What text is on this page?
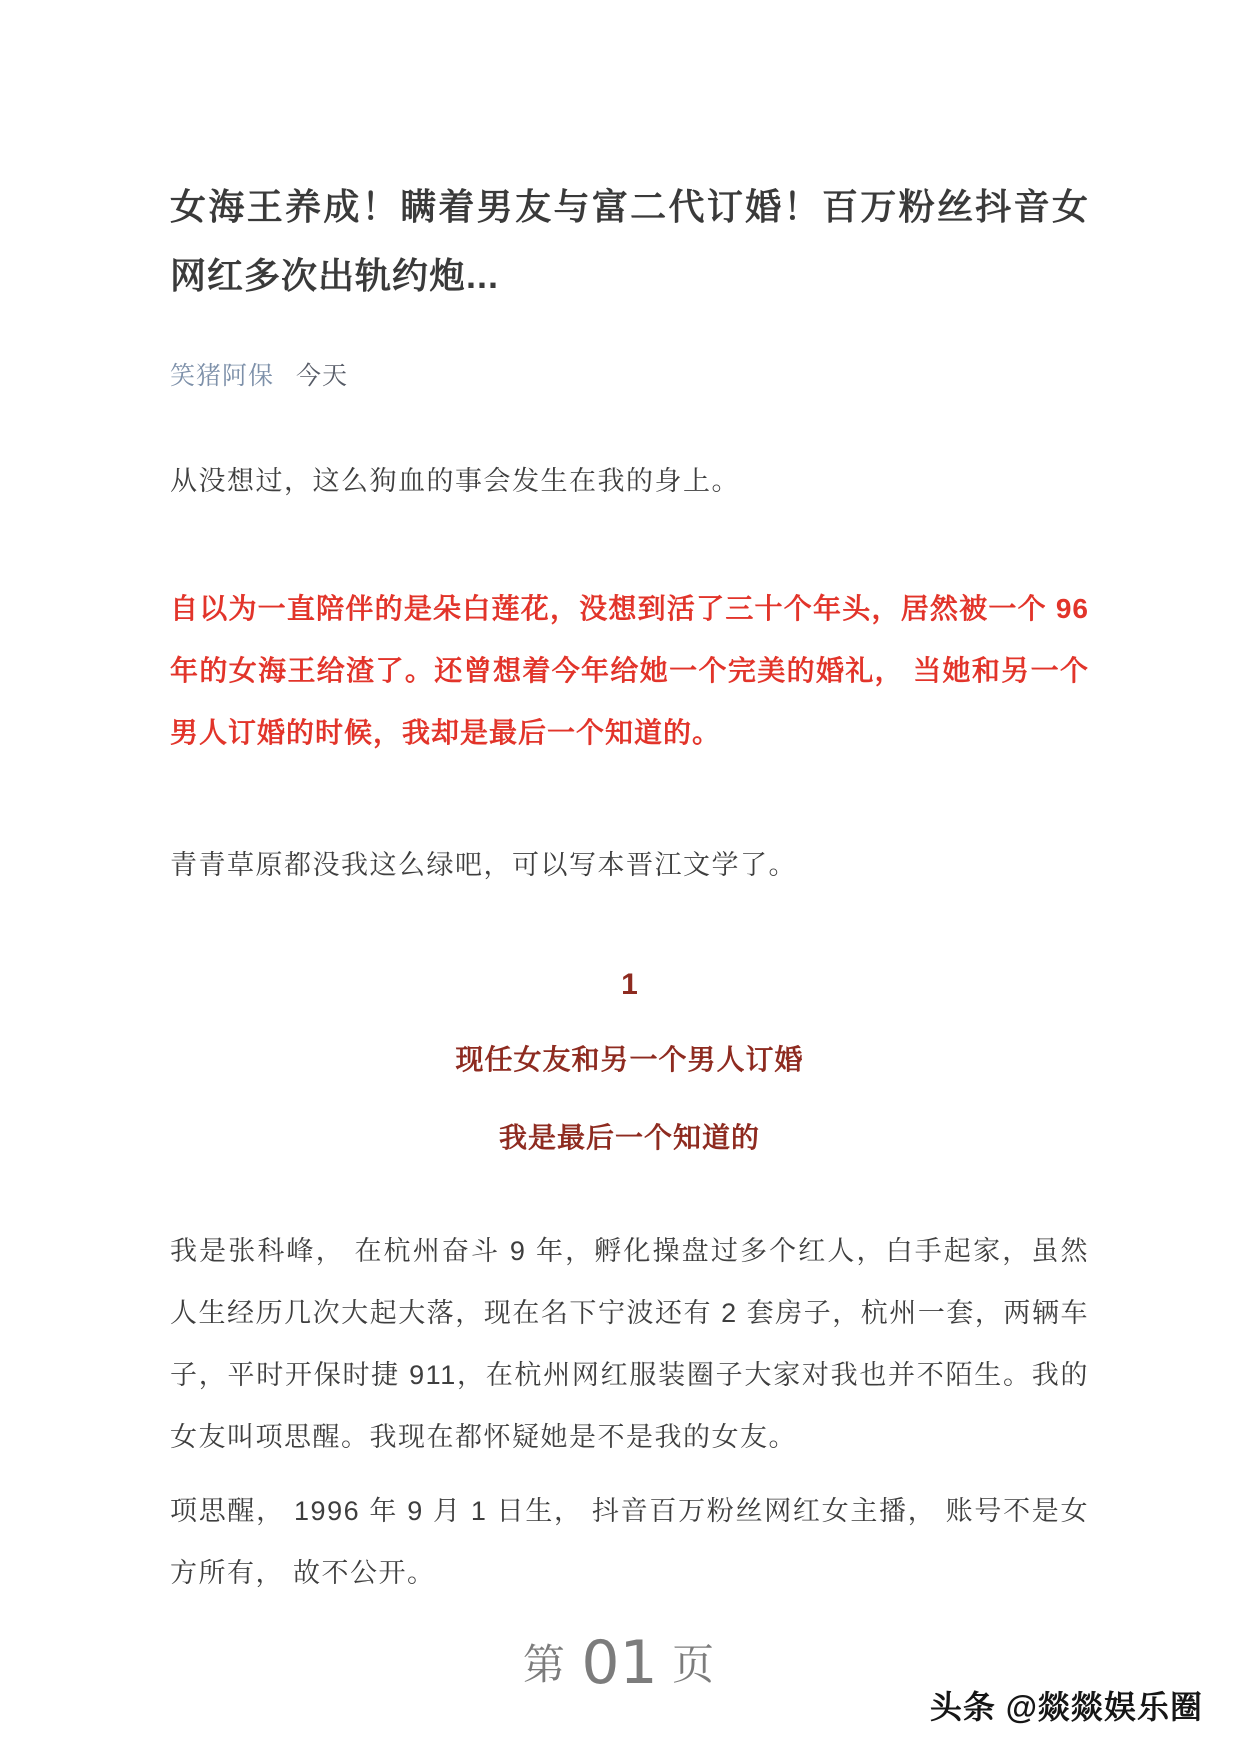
女海王养成！瞒着男友与富二代订婚！百万粉丝抖音女网红多次出轨约炮...
笑猪阿保 今天

从没想过，这么狗血的事会发生在我的身上。

自以为一直陪伴的是朵白莲花，没想到活了三十个年头，居然被一个 96 年的女海王给渣了。还曾想着今年给她一个完美的婚礼， 当她和另一个男人订婚的时候，我却是最后一个知道的。

青青草原都没我这么绿吧，可以写本晋江文学了。

1
现任女友和另一个男人订婚
我是最后一个知道的

我是张科峰， 在杭州奋斗 9 年，孵化操盘过多个红人，白手起家，虽然人生经历几次大起大落，现在名下宁波还有 2 套房子，杭州一套，两辆车子，平时开保时捷 911，在杭州网红服装圈子大家对我也并不陌生。我的女友叫项思醒。我现在都怀疑她是不是我的女友。

项思醒， 1996 年 9 月 1 日生， 抖音百万粉丝网红女主播， 账号不是女方所有， 故不公开。

第 01 页
头条 @燚燚娱乐圈
